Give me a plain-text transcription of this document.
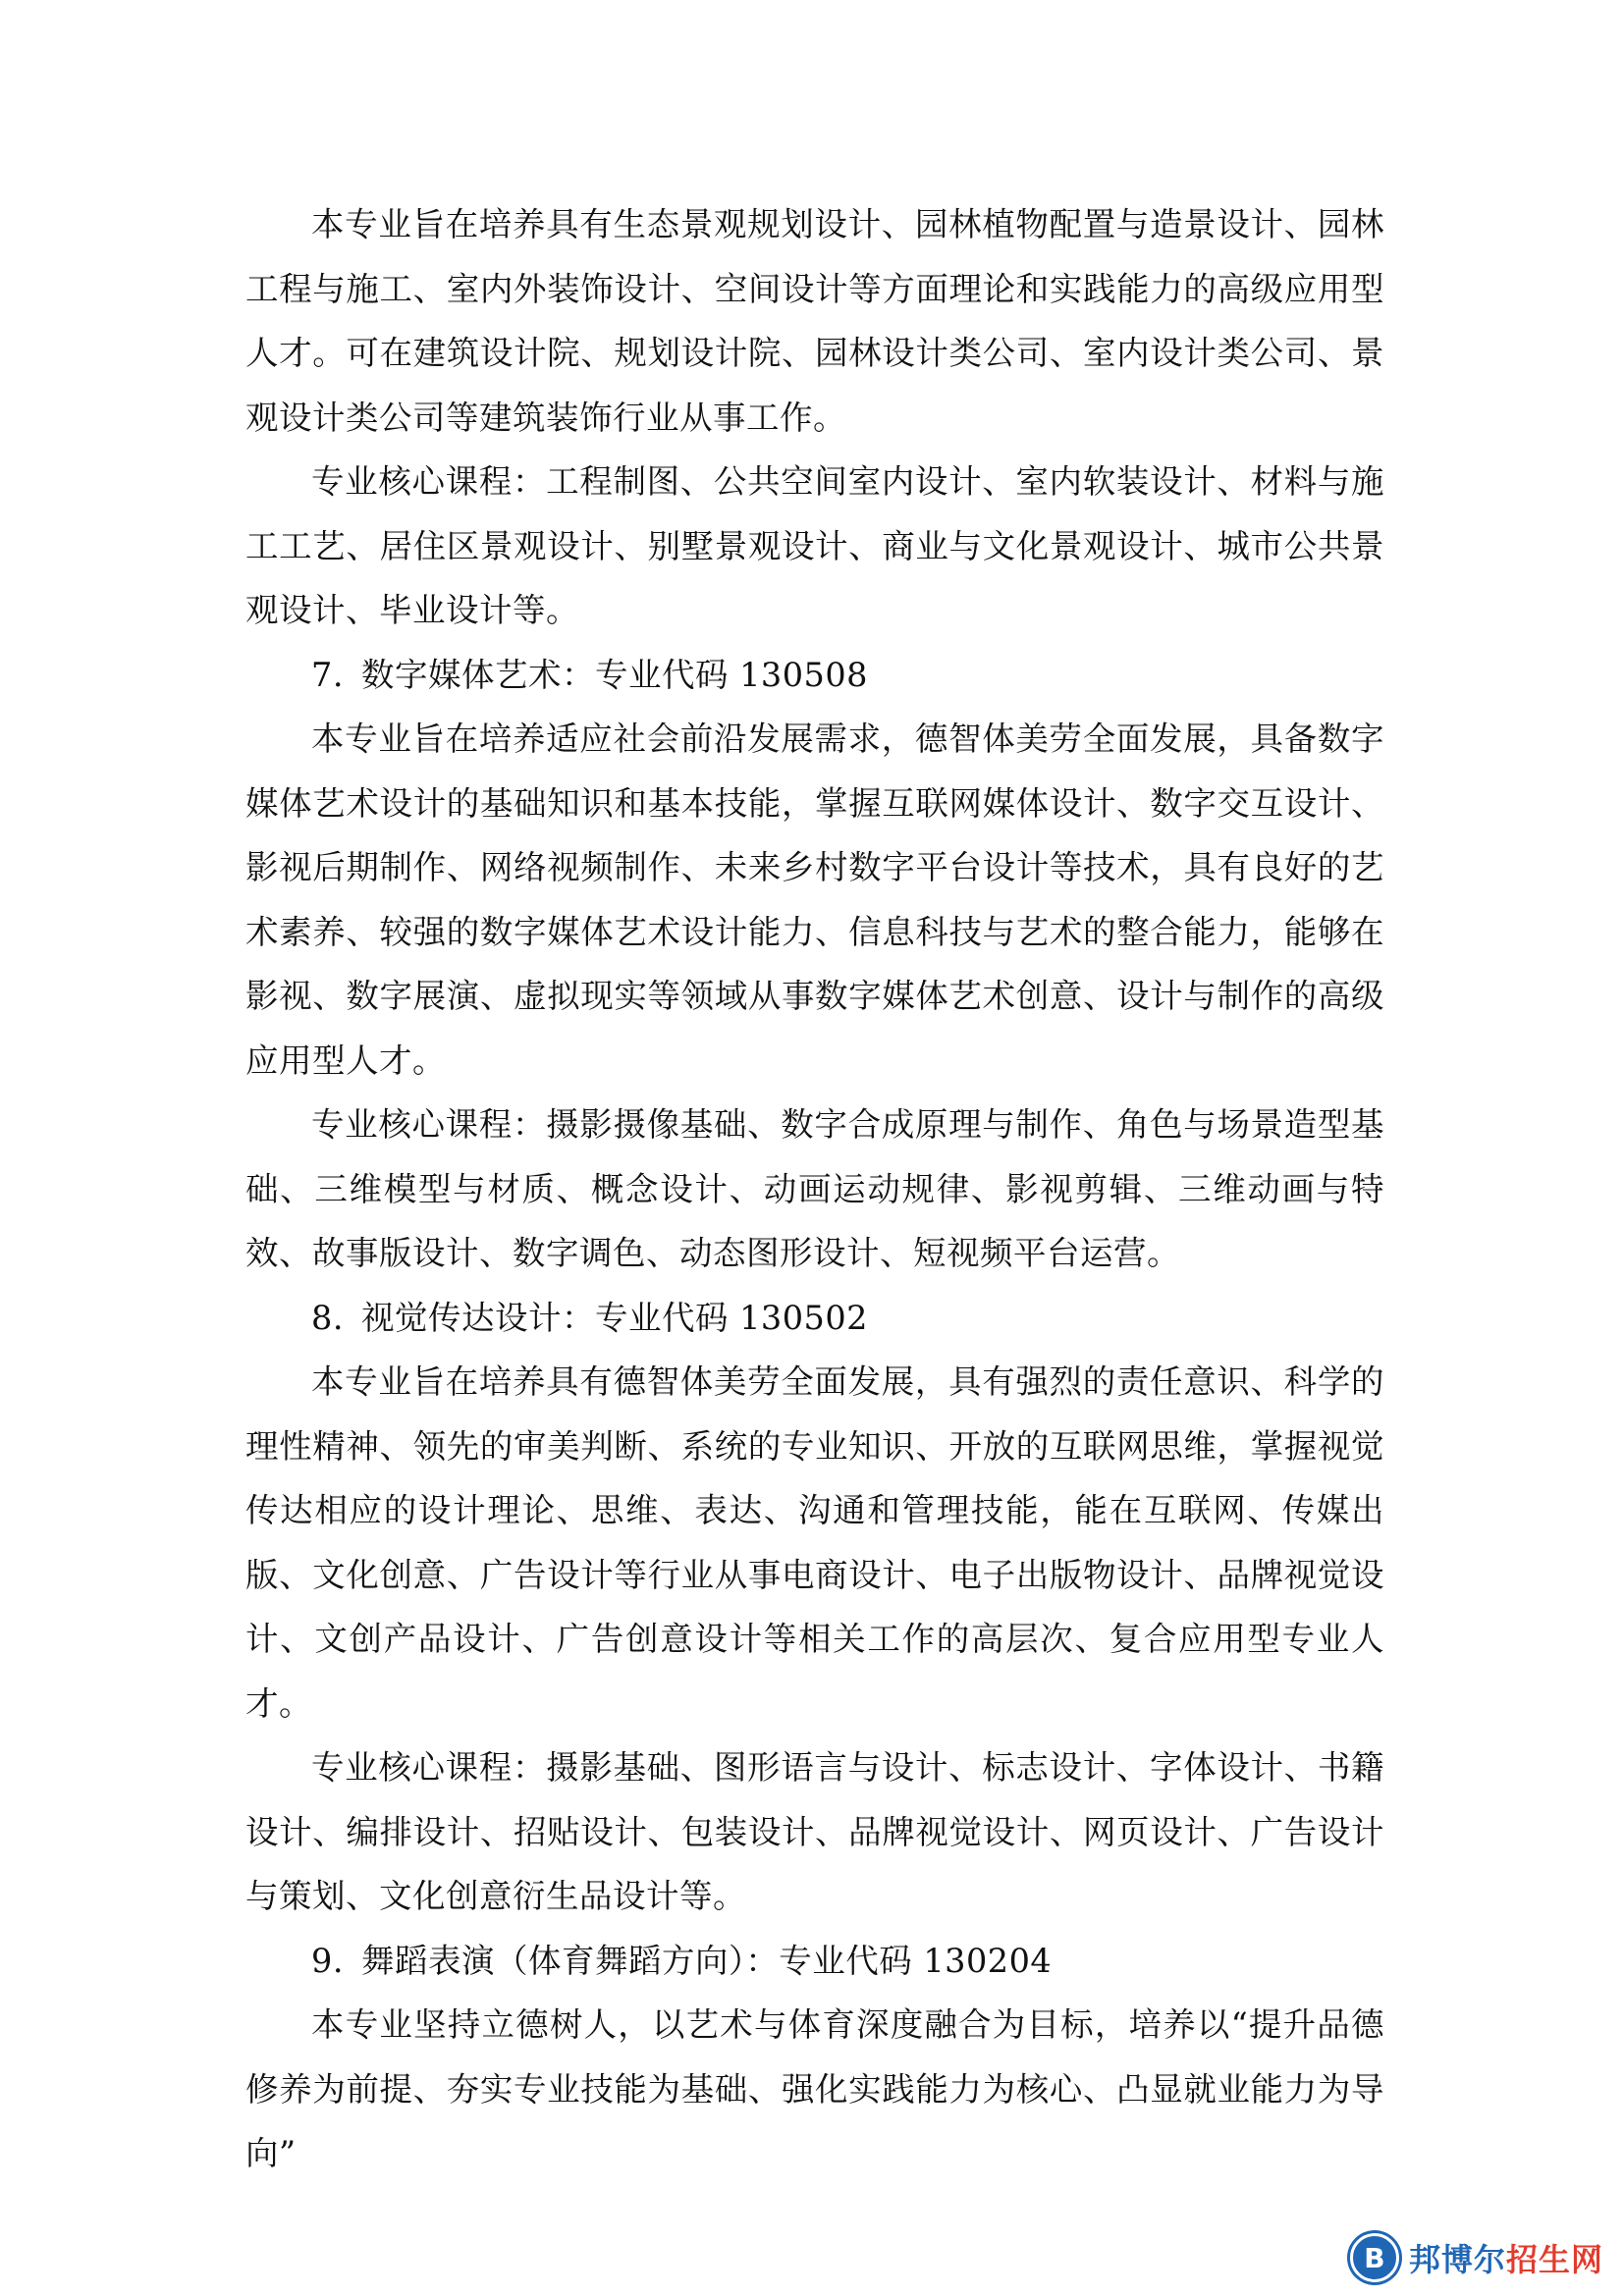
本专业旨在培养具有生态景观规划设计、园林植物配置与造景设计、园林工程与施工、室内外装饰设计、空间设计等方面理论和实践能力的高级应用型人才。可在建筑设计院、规划设计院、园林设计类公司、室内设计类公司、景观设计类公司等建筑装饰行业从事工作。

专业核心课程：工程制图、公共空间室内设计、室内软装设计、材料与施工工艺、居住区景观设计、别墅景观设计、商业与文化景观设计、城市公共景观设计、毕业设计等。

7. 数字媒体艺术：专业代码 130508

本专业旨在培养适应社会前沿发展需求，德智体美劳全面发展，具备数字媒体艺术设计的基础知识和基本技能，掌握互联网媒体设计、数字交互设计、影视后期制作、网络视频制作、未来乡村数字平台设计等技术，具有良好的艺术素养、较强的数字媒体艺术设计能力、信息科技与艺术的整合能力，能够在影视、数字展演、虚拟现实等领域从事数字媒体艺术创意、设计与制作的高级应用型人才。

专业核心课程：摄影摄像基础、数字合成原理与制作、角色与场景造型基础、三维模型与材质、概念设计、动画运动规律、影视剪辑、三维动画与特效、故事版设计、数字调色、动态图形设计、短视频平台运营。

8. 视觉传达设计：专业代码 130502

本专业旨在培养具有德智体美劳全面发展，具有强烈的责任意识、科学的理性精神、领先的审美判断、系统的专业知识、开放的互联网思维，掌握视觉传达相应的设计理论、思维、表达、沟通和管理技能，能在互联网、传媒出版、文化创意、广告设计等行业从事电商设计、电子出版物设计、品牌视觉设计、文创产品设计、广告创意设计等相关工作的高层次、复合应用型专业人才。

专业核心课程：摄影基础、图形语言与设计、标志设计、字体设计、书籍设计、编排设计、招贴设计、包装设计、品牌视觉设计、网页设计、广告设计与策划、文化创意衍生品设计等。

9. 舞蹈表演（体育舞蹈方向）：专业代码 130204

本专业坚持立德树人，以艺术与体育深度融合为目标，培养以“提升品德修养为前提、夯实专业技能为基础、强化实践能力为核心、凸显就业能力为导向”

B 邦博尔招生网
